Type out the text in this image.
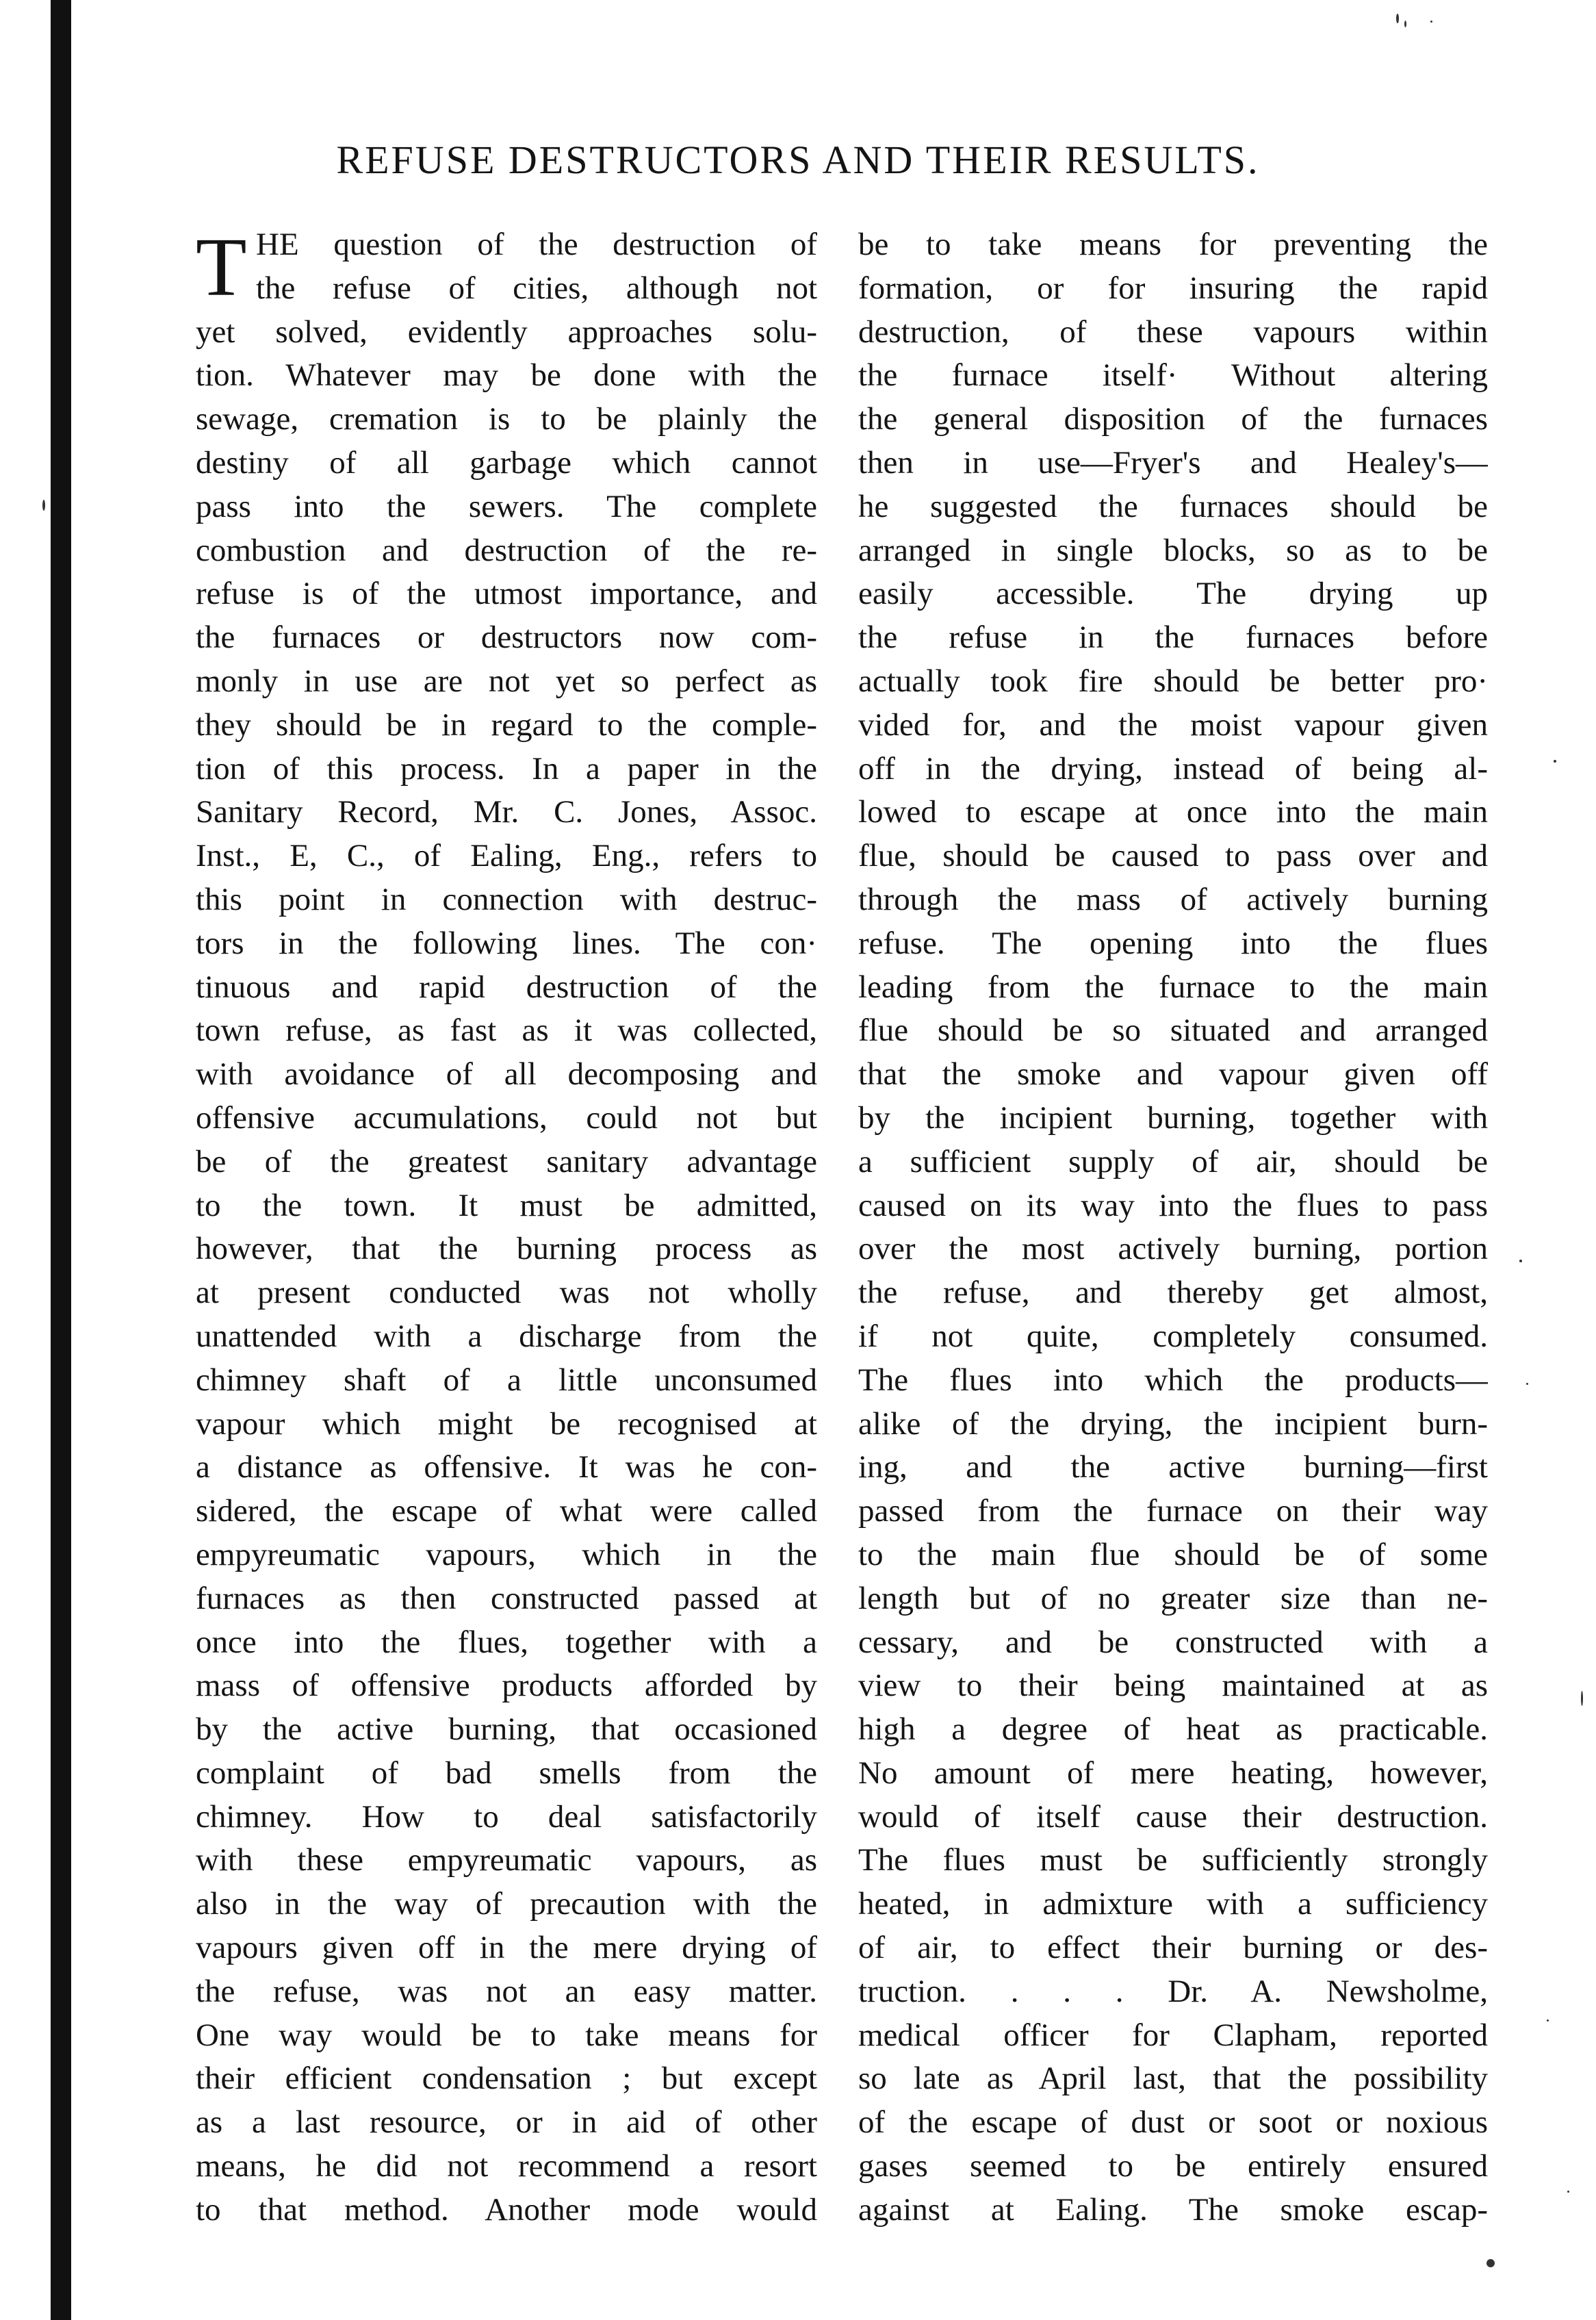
REFUSE DESTRUCTORS AND THEIR RESULTS.
T HE question of the destruction of
the refuse of cities, although not
yet solved, evidently approaches solu-
tion. Whatever may be done with the
sewage, cremation is to be plainly the
destiny of all garbage which cannot
pass into the sewers. The complete
combustion and destruction of the re-
refuse is of the utmost importance, and
the furnaces or destructors now com-
monly in use are not yet so perfect as
they should be in regard to the comple-
tion of this process. In a paper in the
Sanitary Record, Mr. C. Jones, Assoc.
Inst., E, C., of Ealing, Eng., refers to
this point in connection with destruc-
tors in the following lines. The con·
tinuous and rapid destruction of the
town refuse, as fast as it was collected,
with avoidance of all decomposing and
offensive accumulations, could not but
be of the greatest sanitary advantage
to the town. It must be admitted,
however, that the burning process as
at present conducted was not wholly
unattended with a discharge from the
chimney shaft of a little unconsumed
vapour which might be recognised at
a distance as offensive. It was he con-
sidered, the escape of what were called
empyreumatic vapours, which in the
furnaces as then constructed passed at
once into the flues, together with a
mass of offensive products afforded by
by the active burning, that occasioned
complaint of bad smells from the
chimney. How to deal satisfactorily
with these empyreumatic vapours, as
also in the way of precaution with the
vapours given off in the mere drying of
the refuse, was not an easy matter.
One way would be to take means for
their efficient condensation ; but except
as a last resource, or in aid of other
means, he did not recommend a resort
to that method. Another mode would
be to take means for preventing the
formation, or for insuring the rapid
destruction, of these vapours within
the furnace itself· Without altering
the general disposition of the furnaces
then in use—Fryer's and Healey's—
he suggested the furnaces should be
arranged in single blocks, so as to be
easily accessible. The drying up
the refuse in the furnaces before
actually took fire should be better pro·
vided for, and the moist vapour given
off in the drying, instead of being al-
lowed to escape at once into the main
flue, should be caused to pass over and
through the mass of actively burning
refuse. The opening into the flues
leading from the furnace to the main
flue should be so situated and arranged
that the smoke and vapour given off
by the incipient burning, together with
a sufficient supply of air, should be
caused on its way into the flues to pass
over the most actively burning, portion
the refuse, and thereby get almost,
if not quite, completely consumed.
The flues into which the products—
alike of the drying, the incipient burn-
ing, and the active burning—first
passed from the furnace on their way
to the main flue should be of some
length but of no greater size than ne-
cessary, and be constructed with a
view to their being maintained at as
high a degree of heat as practicable.
No amount of mere heating, however,
would of itself cause their destruction.
The flues must be sufficiently strongly
heated, in admixture with a sufficiency
of air, to effect their burning or des-
truction. . . . Dr. A. Newsholme,
medical officer for Clapham, reported
so late as April last, that the possibility
of the escape of dust or soot or noxious
gases seemed to be entirely ensured
against at Ealing. The smoke escap-
